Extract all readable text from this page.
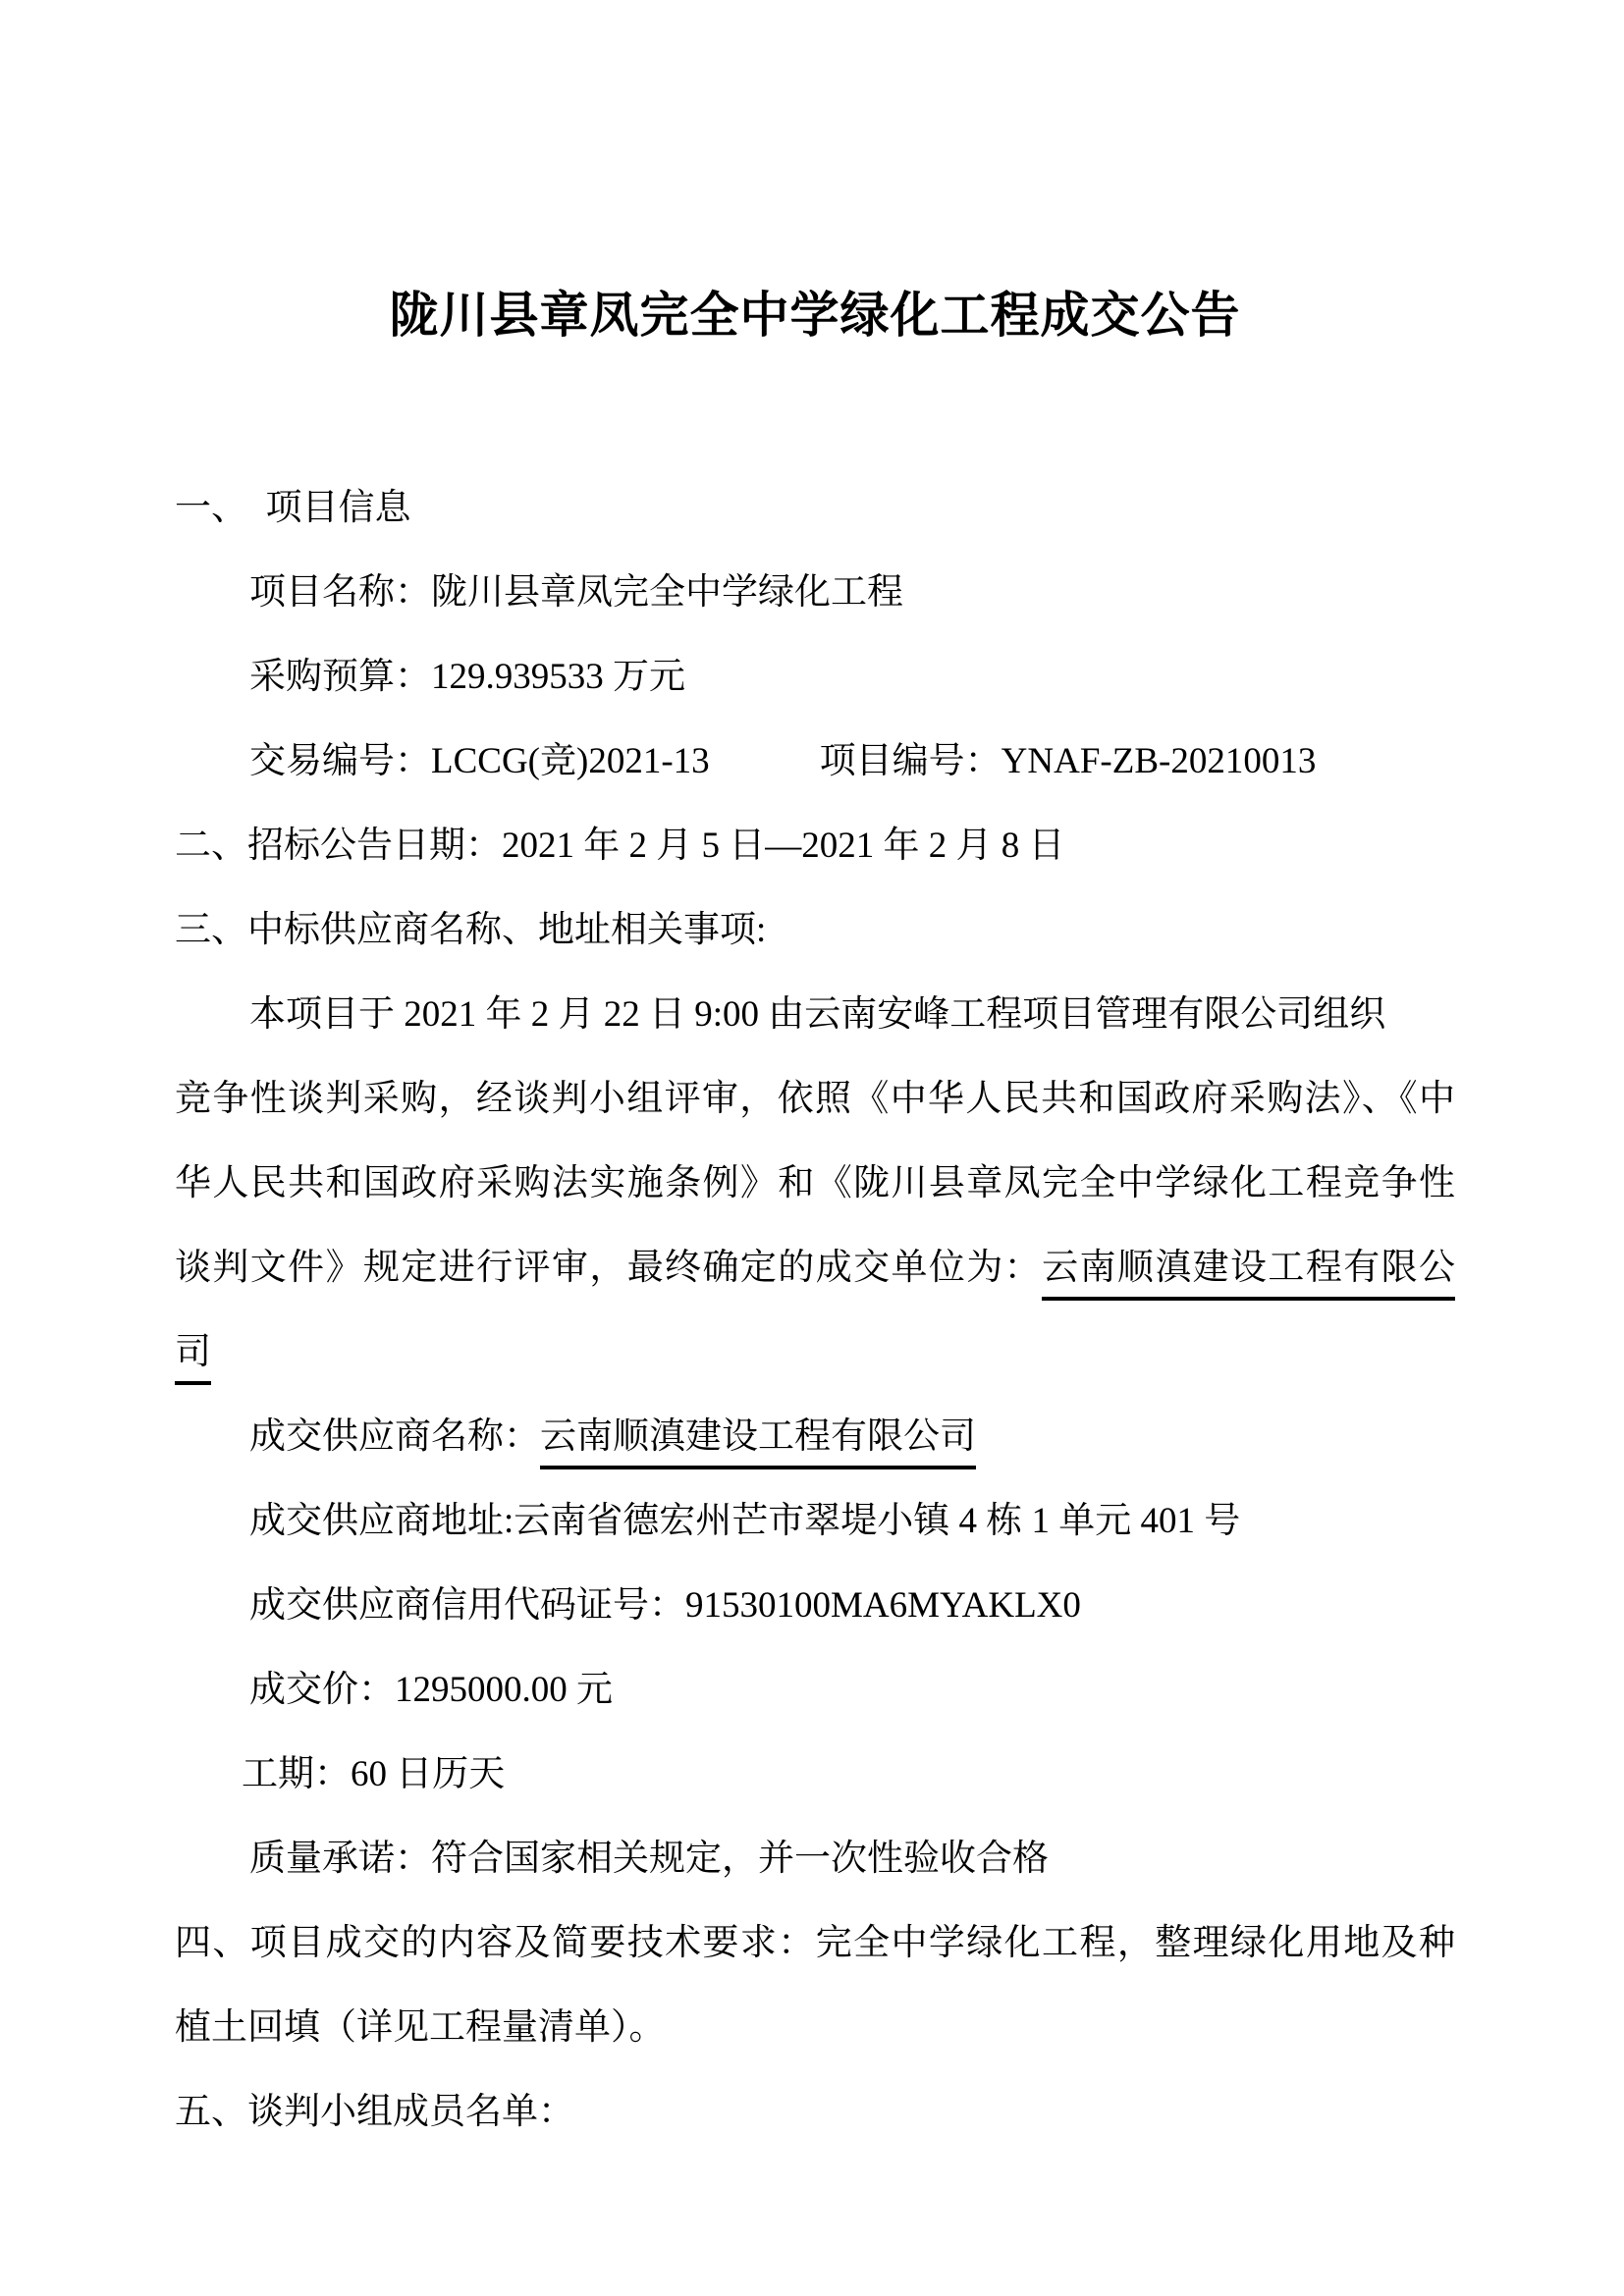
陇川县章凤完全中学绿化工程成交公告
一、　项目信息
项目名称：陇川县章凤完全中学绿化工程
采购预算：129.939533 万元
交易编号：LCCG(竞)2021-13	项目编号：YNAF-ZB-20210013
二、招标公告日期：2021 年 2 月 5 日—2021 年 2 月 8 日
三、中标供应商名称、地址相关事项:
本项目于 2021 年 2 月 22 日 9:00 由云南安峰工程项目管理有限公司组织
竞争性谈判采购，经谈判小组评审，依照《中华人民共和国政府采购法》、《中
华人民共和国政府采购法实施条例》和《陇川县章凤完全中学绿化工程竞争性
谈判文件》规定进行评审，最终确定的成交单位为：云南顺滇建设工程有限公
司
成交供应商名称：云南顺滇建设工程有限公司
成交供应商地址:云南省德宏州芒市翠堤小镇 4 栋 1 单元 401 号
成交供应商信用代码证号：91530100MA6MYAKLX0
成交价：1295000.00 元
工期：60 日历天
质量承诺：符合国家相关规定，并一次性验收合格
四、项目成交的内容及简要技术要求：完全中学绿化工程，整理绿化用地及种
植土回填（详见工程量清单）。
五、谈判小组成员名单：
